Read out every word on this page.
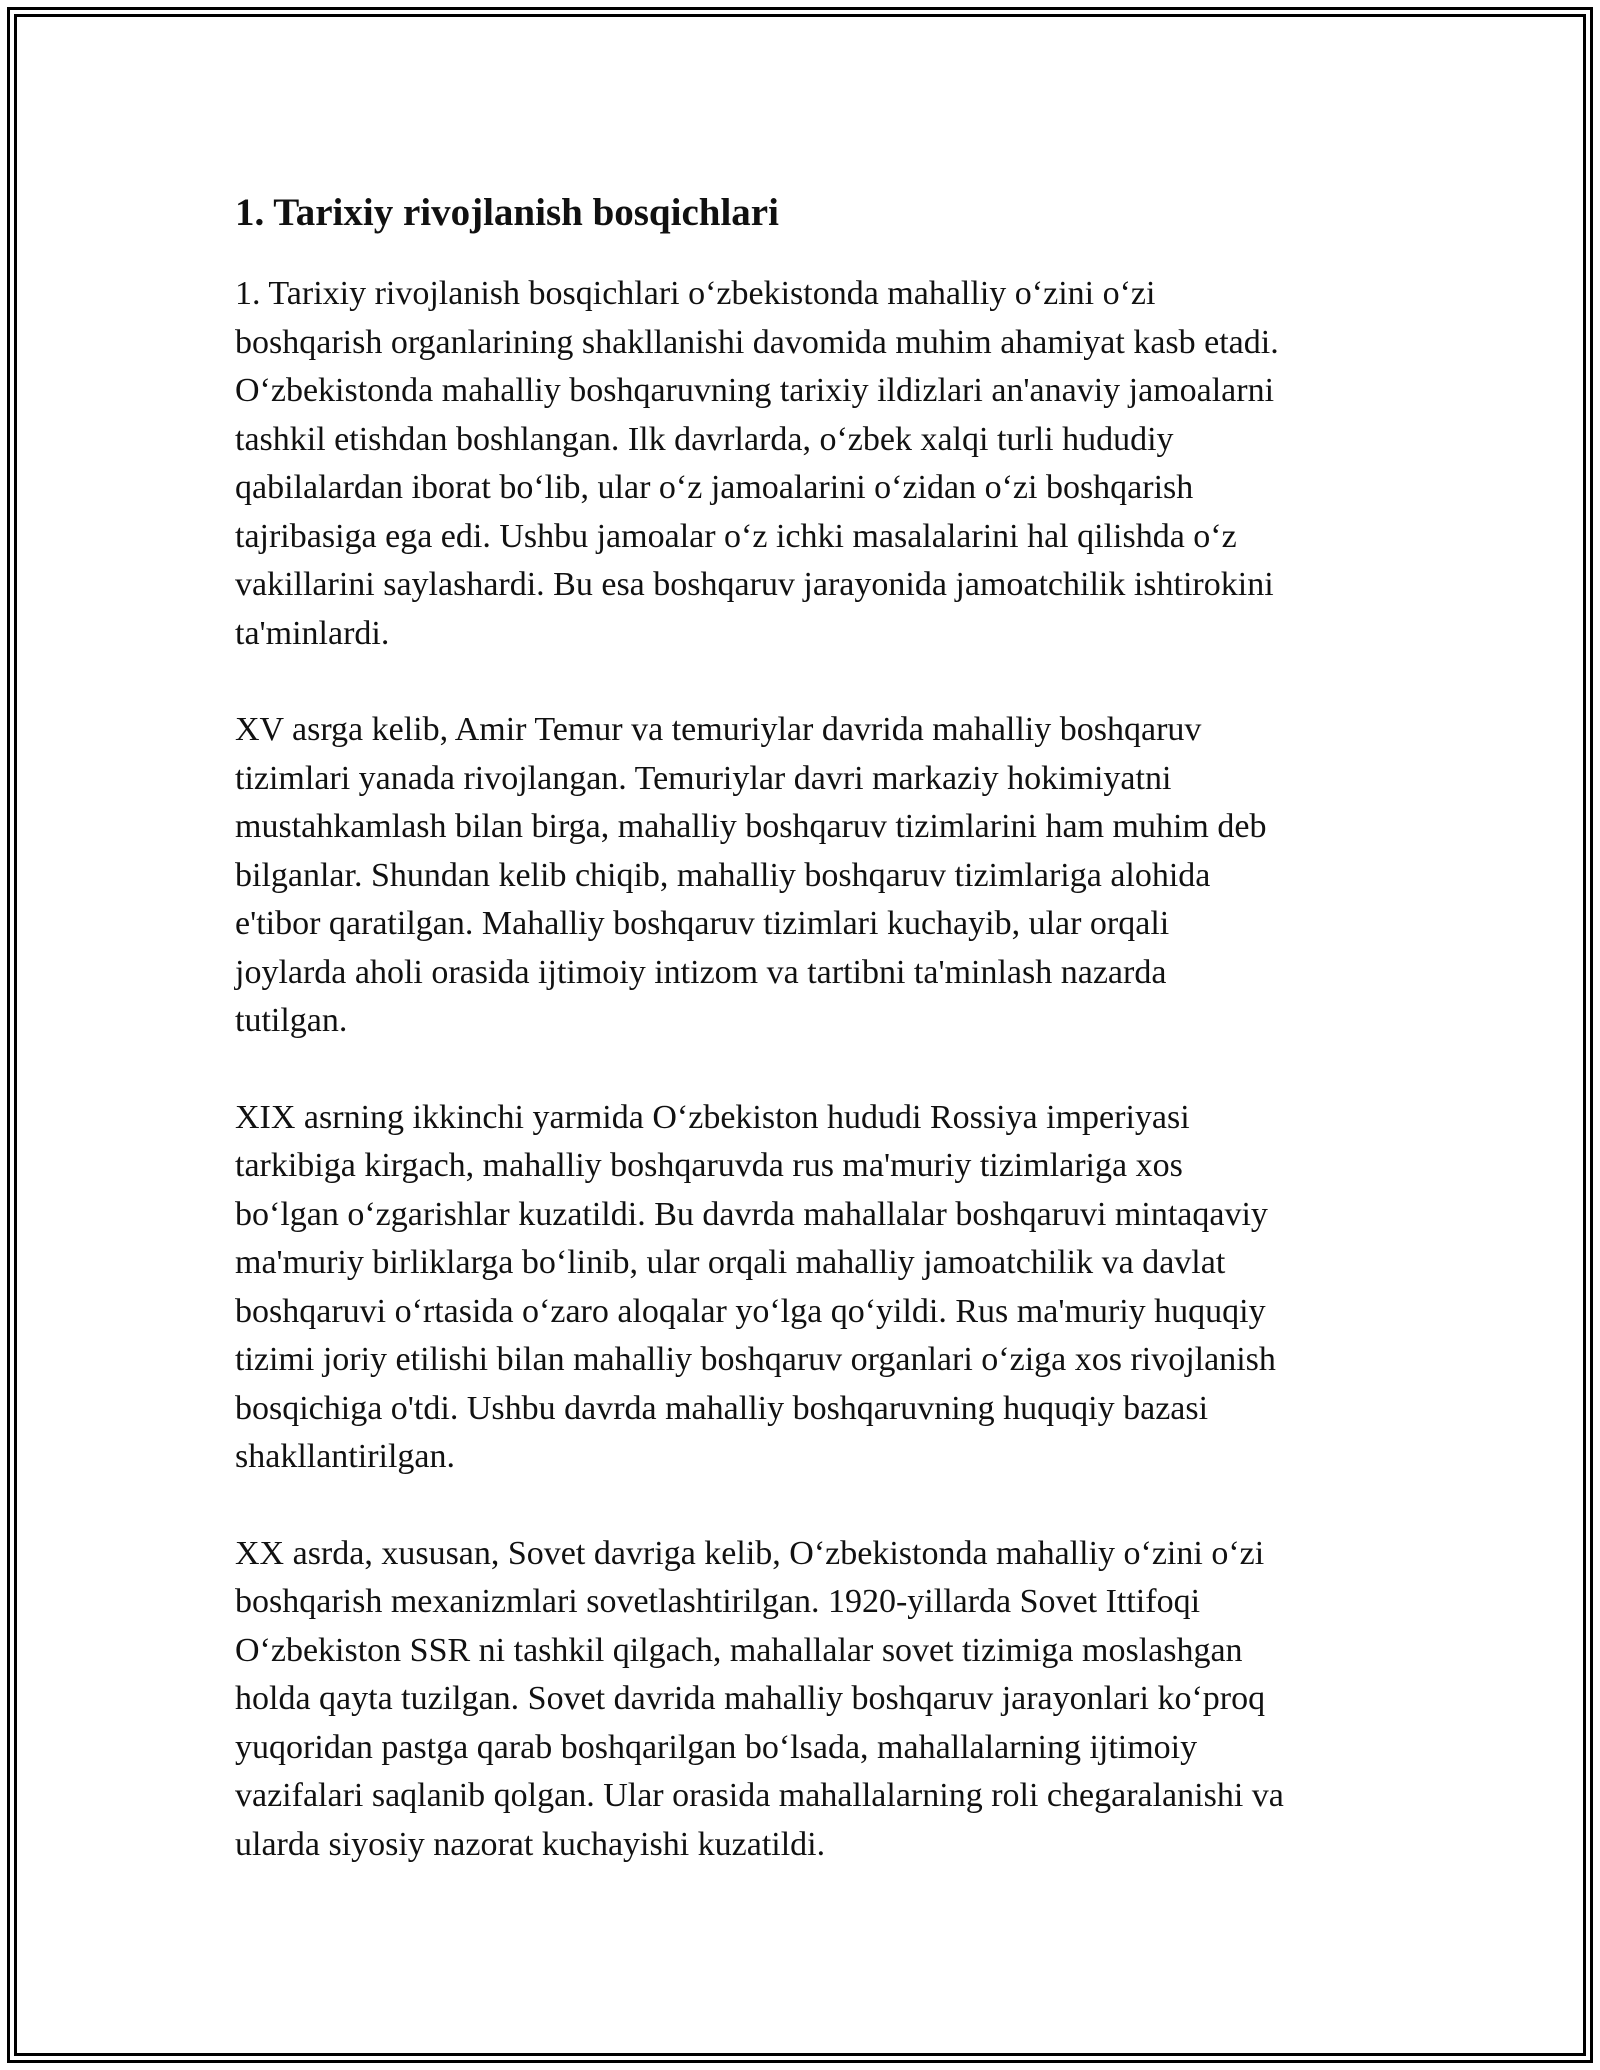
1. Tarixiy rivojlanish bosqichlari

1. Tarixiy rivojlanish bosqichlari o‘zbekistonda mahalliy o‘zini o‘zi
boshqarish organlarining shakllanishi davomida muhim ahamiyat kasb etadi.
O‘zbekistonda mahalliy boshqaruvning tarixiy ildizlari an'anaviy jamoalarni
tashkil etishdan boshlangan. Ilk davrlarda, o‘zbek xalqi turli hududiy
qabilalardan iborat bo‘lib, ular o‘z jamoalarini o‘zidan o‘zi boshqarish
tajribasiga ega edi. Ushbu jamoalar o‘z ichki masalalarini hal qilishda o‘z
vakillarini saylashardi. Bu esa boshqaruv jarayonida jamoatchilik ishtirokini
ta'minlardi.

XV asrga kelib, Amir Temur va temuriylar davrida mahalliy boshqaruv
tizimlari yanada rivojlangan. Temuriylar davri markaziy hokimiyatni
mustahkamlash bilan birga, mahalliy boshqaruv tizimlarini ham muhim deb
bilganlar. Shundan kelib chiqib, mahalliy boshqaruv tizimlariga alohida
e'tibor qaratilgan. Mahalliy boshqaruv tizimlari kuchayib, ular orqali
joylarda aholi orasida ijtimoiy intizom va tartibni ta'minlash nazarda
tutilgan.

XIX asrning ikkinchi yarmida O‘zbekiston hududi Rossiya imperiyasi
tarkibiga kirgach, mahalliy boshqaruvda rus ma'muriy tizimlariga xos
bo‘lgan o‘zgarishlar kuzatildi. Bu davrda mahallalar boshqaruvi mintaqaviy
ma'muriy birliklarga bo‘linib, ular orqali mahalliy jamoatchilik va davlat
boshqaruvi o‘rtasida o‘zaro aloqalar yo‘lga qo‘yildi. Rus ma'muriy huquqiy
tizimi joriy etilishi bilan mahalliy boshqaruv organlari o‘ziga xos rivojlanish
bosqichiga o'tdi. Ushbu davrda mahalliy boshqaruvning huquqiy bazasi
shakllantirilgan.

XX asrda, xususan, Sovet davriga kelib, O‘zbekistonda mahalliy o‘zini o‘zi
boshqarish mexanizmlari sovetlashtirilgan. 1920-yillarda Sovet Ittifoqi
O‘zbekiston SSR ni tashkil qilgach, mahallalar sovet tizimiga moslashgan
holda qayta tuzilgan. Sovet davrida mahalliy boshqaruv jarayonlari ko‘proq
yuqoridan pastga qarab boshqarilgan bo‘lsada, mahallalarning ijtimoiy
vazifalari saqlanib qolgan. Ular orasida mahallalarning roli chegaralanishi va
ularda siyosiy nazorat kuchayishi kuzatildi.
